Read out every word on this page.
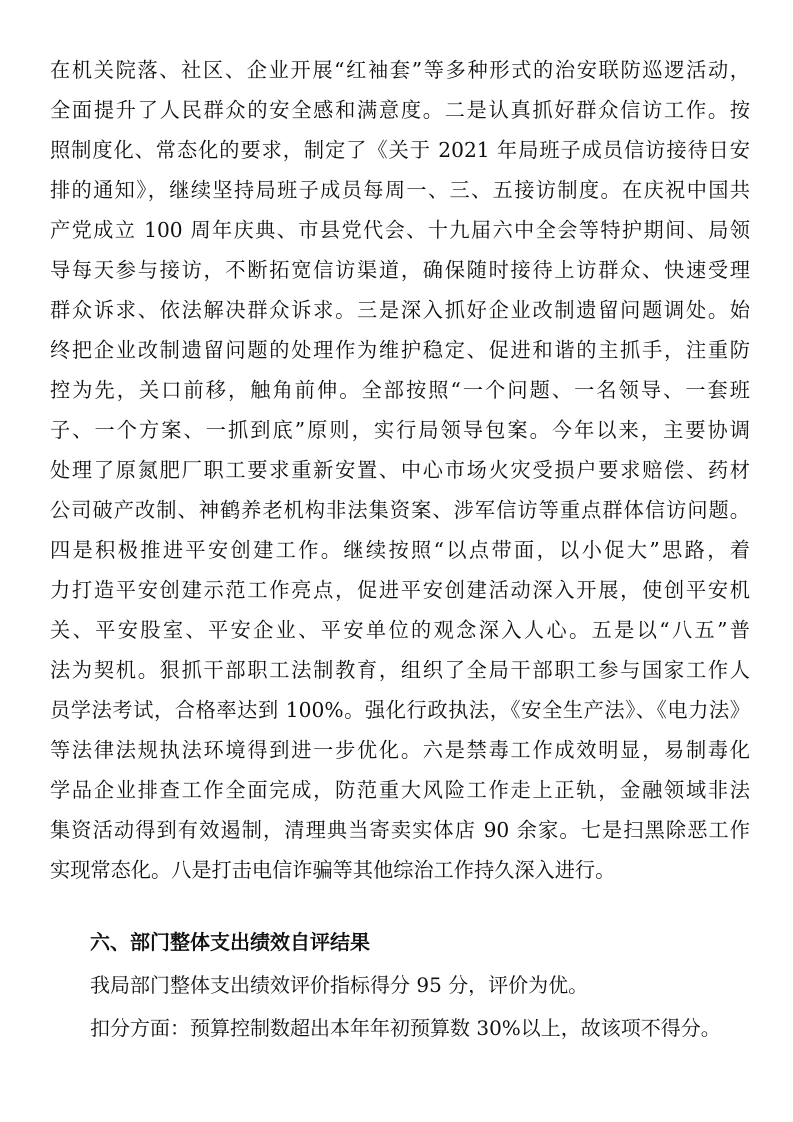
在机关院落、社区、企业开展“红袖套”等多种形式的治安联防巡逻活动，
全面提升了人民群众的安全感和满意度。二是认真抓好群众信访工作。按
照制度化、常态化的要求，制定了《关于 2021 年局班子成员信访接待日安
排的通知》，继续坚持局班子成员每周一、三、五接访制度。在庆祝中国共
产党成立 100 周年庆典、市县党代会、十九届六中全会等特护期间、局领
导每天参与接访，不断拓宽信访渠道，确保随时接待上访群众、快速受理
群众诉求、依法解决群众诉求。三是深入抓好企业改制遗留问题调处。始
终把企业改制遗留问题的处理作为维护稳定、促进和谐的主抓手，注重防
控为先，关口前移，触角前伸。全部按照“一个问题、一名领导、一套班
子、一个方案、一抓到底”原则，实行局领导包案。今年以来，主要协调
处理了原氮肥厂职工要求重新安置、中心市场火灾受损户要求赔偿、药材
公司破产改制、神鹤养老机构非法集资案、涉军信访等重点群体信访问题。
四是积极推进平安创建工作。继续按照“以点带面，以小促大”思路，着
力打造平安创建示范工作亮点，促进平安创建活动深入开展，使创平安机
关、平安股室、平安企业、平安单位的观念深入人心。五是以“八五”普
法为契机。狠抓干部职工法制教育，组织了全局干部职工参与国家工作人
员学法考试，合格率达到 100%。强化行政执法，《安全生产法》、《电力法》
等法律法规执法环境得到进一步优化。六是禁毒工作成效明显，易制毒化
学品企业排查工作全面完成，防范重大风险工作走上正轨，金融领域非法
集资活动得到有效遏制，清理典当寄卖实体店 90 余家。七是扫黑除恶工作
实现常态化。八是打击电信诈骗等其他综治工作持久深入进行。
六、部门整体支出绩效自评结果
我局部门整体支出绩效评价指标得分 95 分，评价为优。
扣分方面：预算控制数超出本年年初预算数 30%以上，故该项不得分。
